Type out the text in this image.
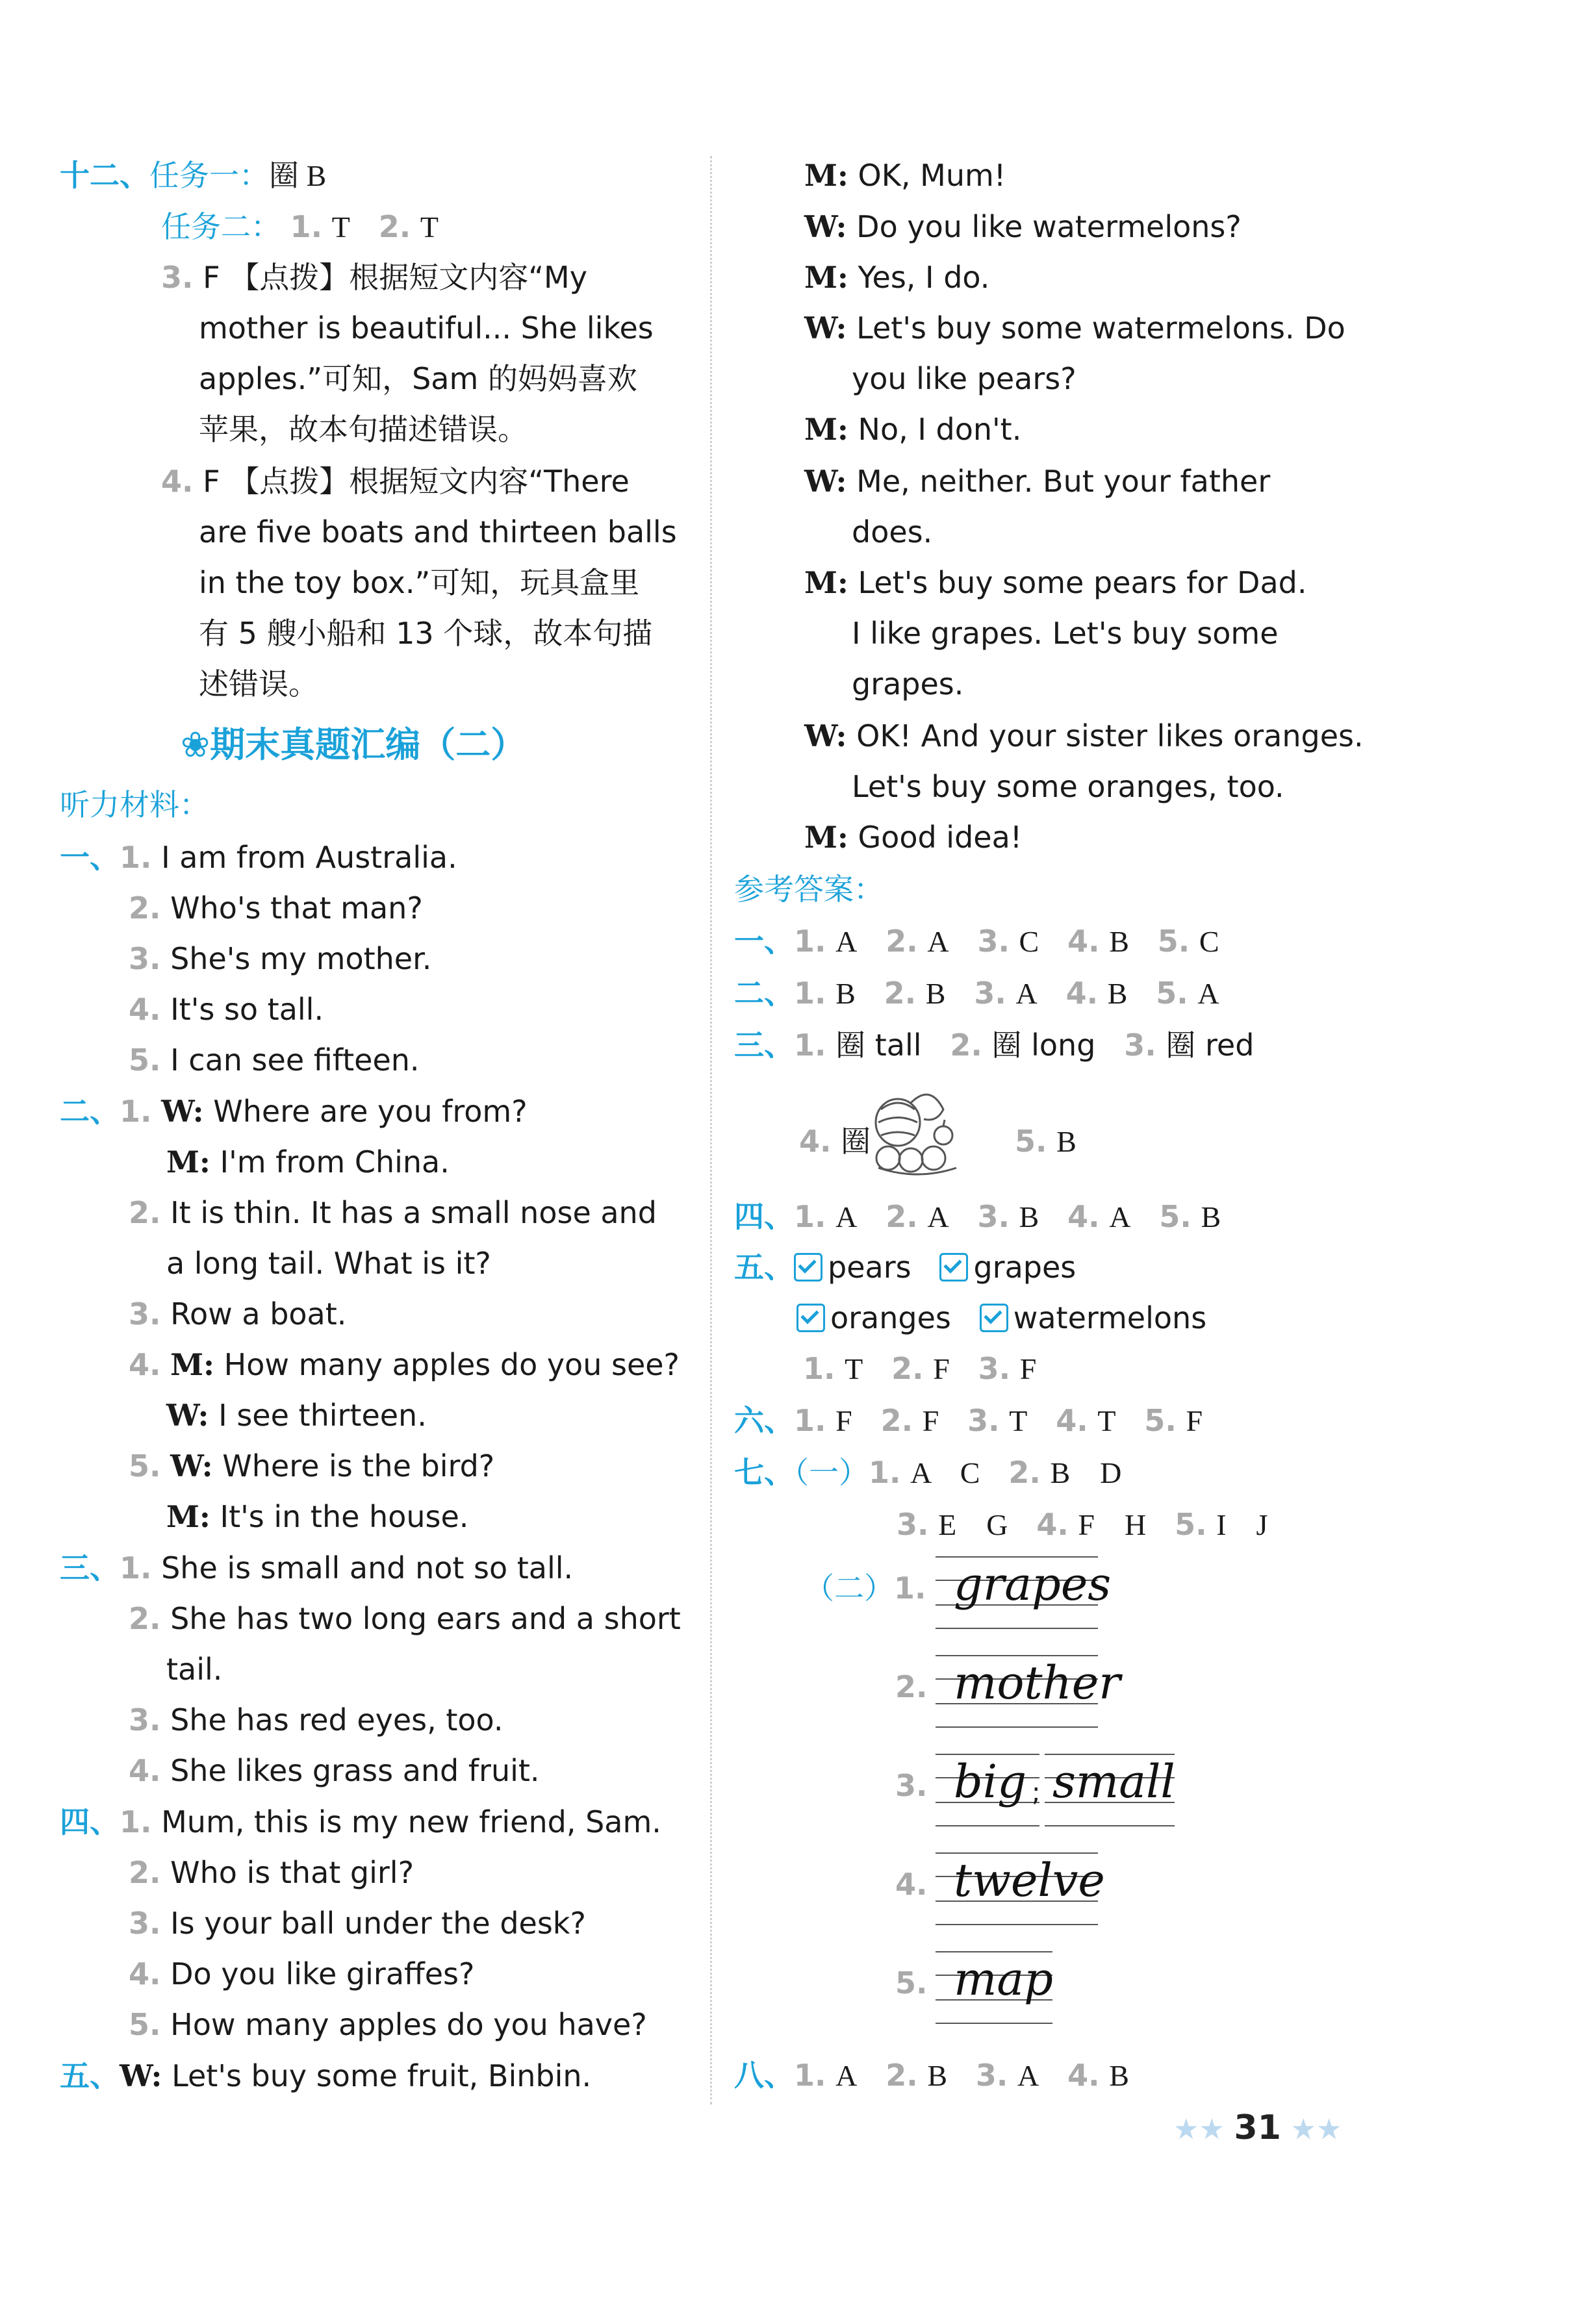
十二、任务一：圈 B
任务二： 1. T 2. T
3. F 【点拨】根据短文内容“My
mother is beautiful... She likes
apples.”可知，Sam 的妈妈喜欢
苹果，故本句描述错误。
4. F 【点拨】根据短文内容“There
are five boats and thirteen balls
in the toy box.”可知，玩具盒里
有 5 艘小船和 13 个球，故本句描
述错误。
❀期末真题汇编（二）
听力材料：
一、1. I am from Australia.
2. Who's that man?
3. She's my mother.
4. It's so tall.
5. I can see fifteen.
二、1. W: Where are you from?
M: I'm from China.
2. It is thin. It has a small nose and
a long tail. What is it?
3. Row a boat.
4. M: How many apples do you see?
W: I see thirteen.
5. W: Where is the bird?
M: It's in the house.
三、1. She is small and not so tall.
2. She has two long ears and a short
tail.
3. She has red eyes, too.
4. She likes grass and fruit.
四、1. Mum, this is my new friend, Sam.
2. Who is that girl?
3. Is your ball under the desk?
4. Do you like giraffes?
5. How many apples do you have?
五、W: Let's buy some fruit, Binbin.
M: OK, Mum!
W: Do you like watermelons?
M: Yes, I do.
W: Let's buy some watermelons. Do
you like pears?
M: No, I don't.
W: Me, neither. But your father
does.
M: Let's buy some pears for Dad.
I like grapes. Let's buy some
grapes.
W: OK! And your sister likes oranges.
Let's buy some oranges, too.
M: Good idea!
参考答案：
一、1. A 2. A 3. C 4. B 5. C
二、1. B 2. B 3. A 4. B 5. A
三、1. 圈 tall 2. 圈 long 3. 圈 red
4. 圈	5. B
四、1. A 2. A 3. B 4. A 5. B
五、 pears grapes
oranges watermelons
1. T 2. F 3. F
六、1. F 2. F 3. T 4. T 5. F
七、（一）1. A　C 2. B　D
3. E　G 4. F　H 5. I　J
（二）1. grapes
2. mother
3. big ; small
4. twelve
5. map
八、1. A 2. B 3. A 4. B
★★ 31 ★★
